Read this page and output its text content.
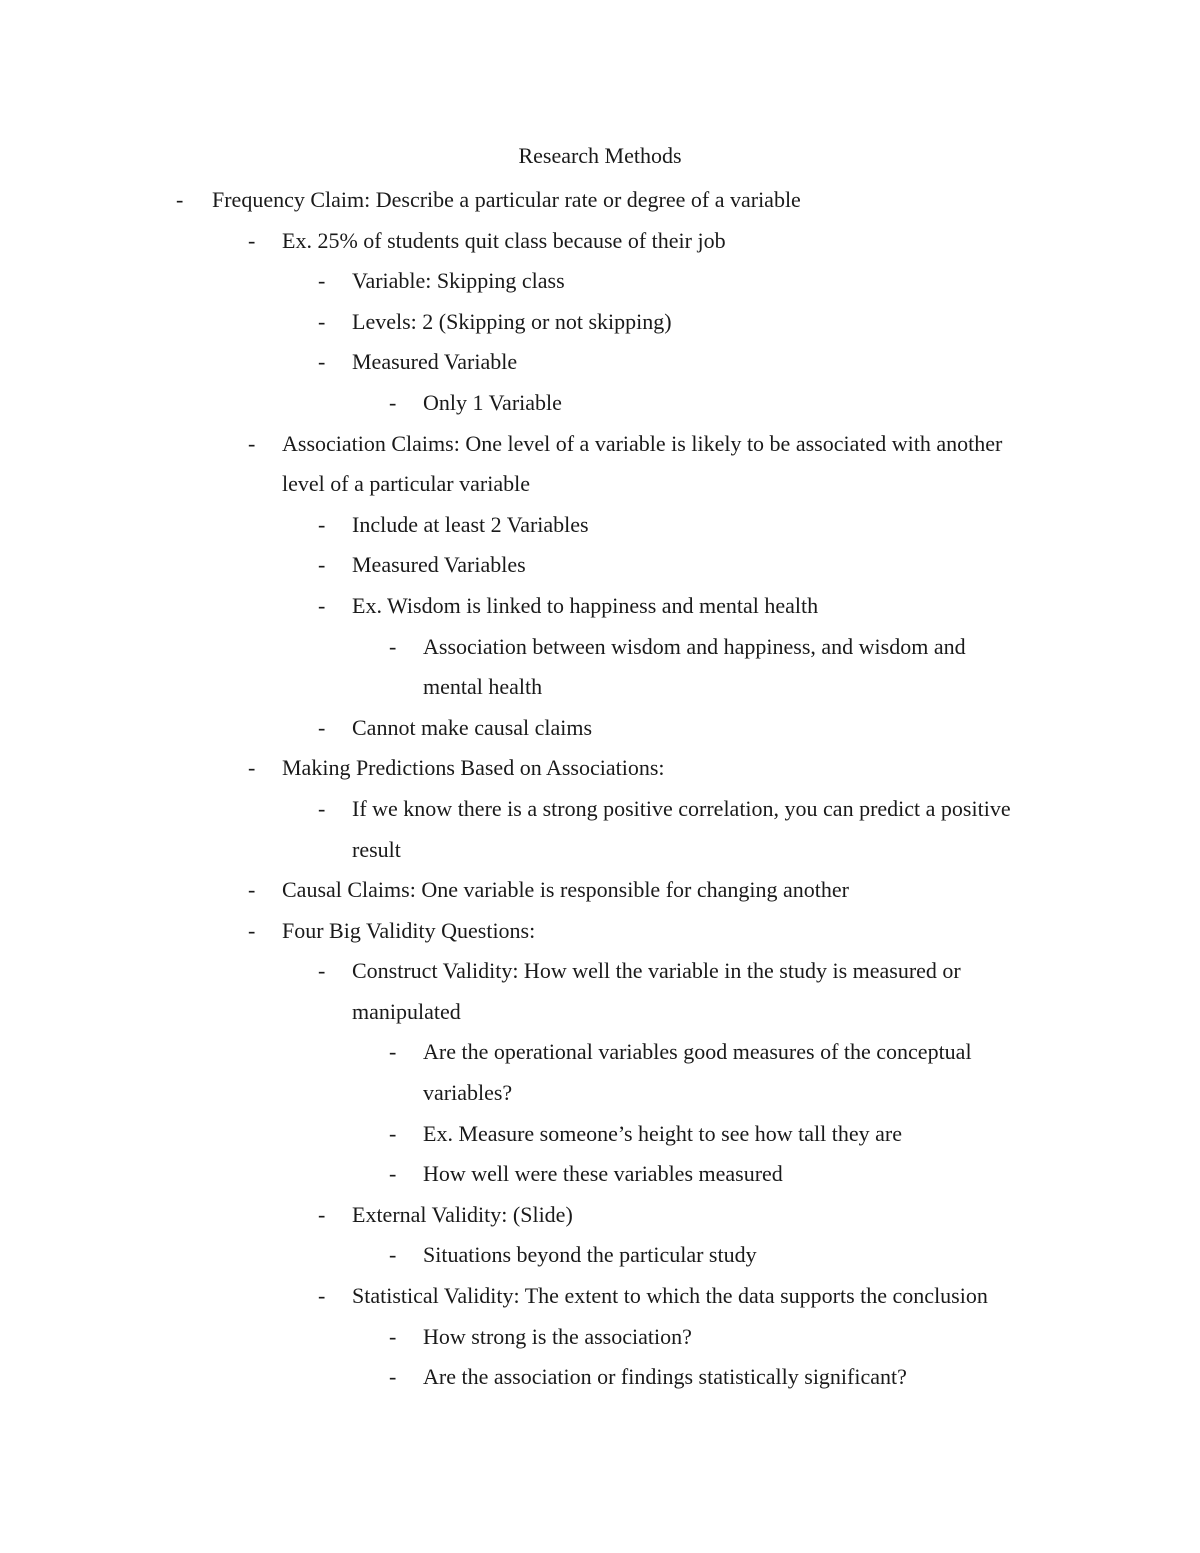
Research Methods
- Frequency Claim: Describe a particular rate or degree of a variable
- Ex. 25% of students quit class because of their job
- Variable: Skipping class
- Levels: 2 (Skipping or not skipping)
- Measured Variable
- Only 1 Variable
- Association Claims: One level of a variable is likely to be associated with another
level of a particular variable
- Include at least 2 Variables
- Measured Variables
- Ex. Wisdom is linked to happiness and mental health
- Association between wisdom and happiness, and wisdom and
mental health
- Cannot make causal claims
- Making Predictions Based on Associations:
- If we know there is a strong positive correlation, you can predict a positive
result
- Causal Claims: One variable is responsible for changing another
- Four Big Validity Questions:
- Construct Validity: How well the variable in the study is measured or
manipulated
- Are the operational variables good measures of the conceptual
variables?
- Ex. Measure someone’s height to see how tall they are
- How well were these variables measured
- External Validity: (Slide)
- Situations beyond the particular study
- Statistical Validity: The extent to which the data supports the conclusion
- How strong is the association?
- Are the association or findings statistically significant?
